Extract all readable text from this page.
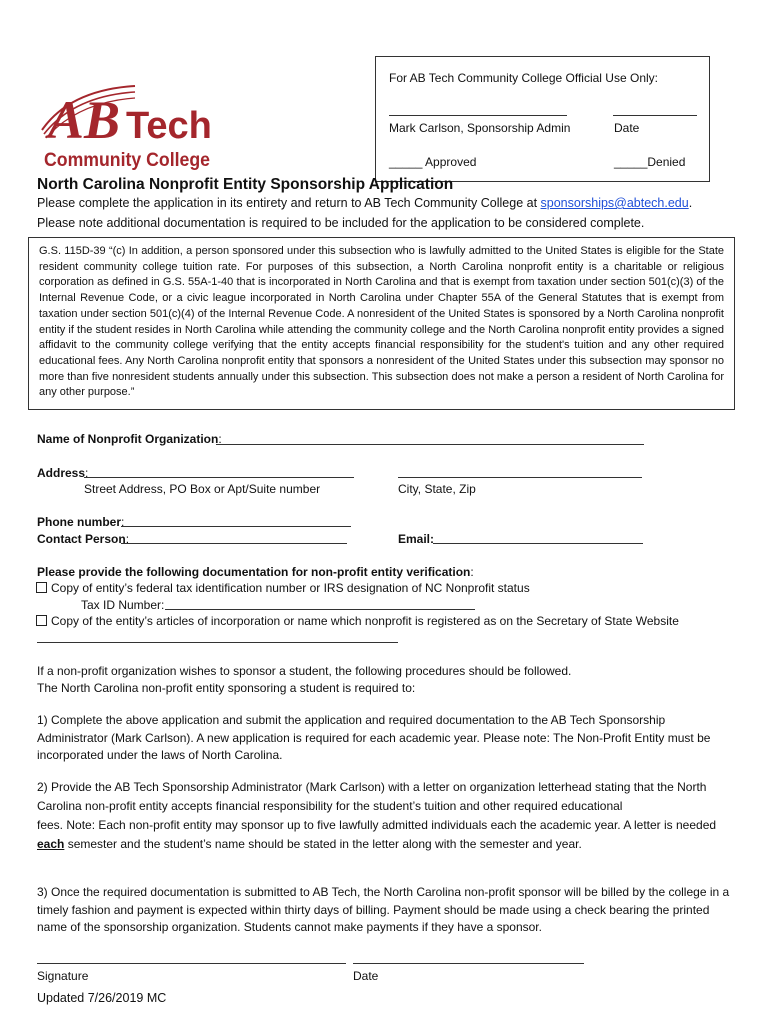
For AB Tech Community College Official Use Only:
Mark Carlson, Sponsorship Admin	Date
_____ Approved	_____Denied
AB Tech
Community College
North Carolina Nonprofit Entity Sponsorship Application
Please complete the application in its entirety and return to AB Tech Community College at sponsorships@abtech.edu.
Please note additional documentation is required to be included for the application to be considered complete.
G.S. 115D-39 “(c) In addition, a person sponsored under this subsection who is lawfully admitted to the United States is eligible for the State resident community college tuition rate. For purposes of this subsection, a North Carolina nonprofit entity is a charitable or religious corporation as defined in G.S. 55A-1-40 that is incorporated in North Carolina and that is exempt from taxation under section 501(c)(3) of the Internal Revenue Code, or a civic league incorporated in North Carolina under Chapter 55A of the General Statutes that is exempt from taxation under section 501(c)(4) of the Internal Revenue Code. A nonresident of the United States is sponsored by a North Carolina nonprofit entity if the student resides in North Carolina while attending the community college and the North Carolina nonprofit entity provides a signed affidavit to the community college verifying that the entity accepts financial responsibility for the student's tuition and any other required educational fees. Any North Carolina nonprofit entity that sponsors a nonresident of the United States under this subsection may sponsor no more than five nonresident students annually under this subsection. This subsection does not make a person a resident of North Carolina for any other purpose.”
Name of Nonprofit Organization:
Address:
Street Address, PO Box or Apt/Suite number	City, State, Zip
Phone number:
Contact Person:	Email:
Please provide the following documentation for non-profit entity verification:
Copy of entity’s federal tax identification number or IRS designation of NC Nonprofit status
Tax ID Number:
Copy of the entity’s articles of incorporation or name which nonprofit is registered as on the Secretary of State Website
If a non-profit organization wishes to sponsor a student, the following procedures should be followed.
The North Carolina non-profit entity sponsoring a student is required to:
1) Complete the above application and submit the application and required documentation to the AB Tech Sponsorship Administrator (Mark Carlson). A new application is required for each academic year. Please note: The Non-Profit Entity must be incorporated under the laws of North Carolina.
2) Provide the AB Tech Sponsorship Administrator (Mark Carlson) with a letter on organization letterhead stating that the North
Carolina non-profit entity accepts financial responsibility for the student’s tuition and other required educational
fees. Note: Each non-profit entity may sponsor up to five lawfully admitted individuals each the academic year. A letter is needed
each semester and the student’s name should be stated in the letter along with the semester and year.
3) Once the required documentation is submitted to AB Tech, the North Carolina non-profit sponsor will be billed by the college in a timely fashion and payment is expected within thirty days of billing. Payment should be made using a check bearing the printed name of the sponsorship organization. Students cannot make payments if they have a sponsor.
Signature	Date
Updated 7/26/2019 MC
